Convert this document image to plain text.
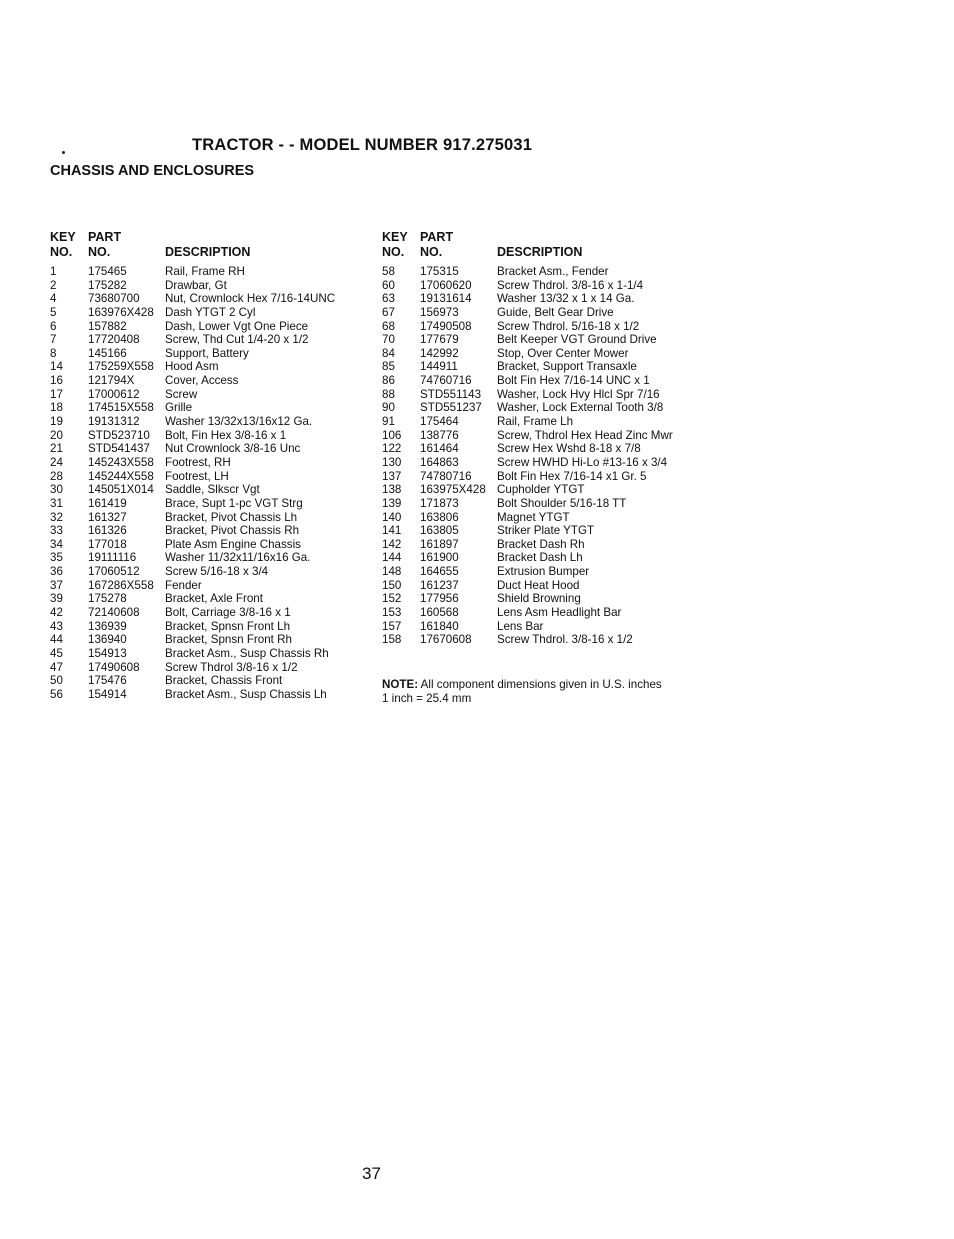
TRACTOR - - MODEL NUMBER 917.275031
CHASSIS AND ENCLOSURES
KEY
NO.
PART
NO.	DESCRIPTION
1	175465	Rail, Frame RH
2	175282	Drawbar, Gt
4	73680700 Nut, Crownlock Hex 7/16-14UNC
5	163976X428 Dash YTGT 2 Cyl
6	157882	Dash, Lower Vgt One Piece
7	17720408 Screw, Thd Cut 1/4-20 x 1/2
8	145166	Support, Battery
14 175259X558 Hood Asm
16 121794X	Cover, Access
17 17000612 Screw
18 174515X558 Grille
19 19131312 Washer 13/32x13/16x12 Ga.
20 STD523710 Bolt, Fin Hex 3/8-16 x 1
21 STD541437 Nut Crownlock 3/8-16 Unc
24 145243X558 Footrest, RH
28 145244X558 Footrest, LH
30 145051X014 Saddle, Slkscr Vgt
31 161419	Brace, Supt 1-pc VGT Strg
32 161327	Bracket, Pivot Chassis Lh
33 161326	Bracket, Pivot Chassis Rh
34 177018	Plate Asm Engine Chassis
35 19111116 Washer 11/32x11/16x16 Ga.
36 17060512 Screw 5/16-18 x 3/4
37 167286X558 Fender
39 175278	Bracket, Axle Front
42 72140608 Bolt, Carriage 3/8-16 x 1
43 136939	Bracket, Spnsn Front Lh
44 136940	Bracket, Spnsn Front Rh
45 154913	Bracket Asm., Susp Chassis Rh
47 17490608 Screw Thdrol 3/8-16 x 1/2
50 175476	Bracket, Chassis Front
56 154914	Bracket Asm., Susp Chassis Lh
KEY
NO.
PART
NO.	DESCRIPTION
58 175315	Bracket Asm., Fender
60 17060620 Screw Thdrol. 3/8-16 x 1-1/4
63 19131614 Washer 13/32 x 1 x 14 Ga.
67 156973	Guide, Belt Gear Drive
68 17490508 Screw Thdrol. 5/16-18 x 1/2
70 177679	Belt Keeper VGT Ground Drive
84 142992	Stop, Over Center Mower
85 144911	Bracket, Support Transaxle
86 74760716 Bolt Fin Hex 7/16-14 UNC x 1
88 STD551143 Washer, Lock Hvy Hlcl Spr 7/16
90 STD551237 Washer, Lock External Tooth 3/8
91 175464	Rail, Frame Lh
106 138776	Screw, Thdrol Hex Head Zinc Mwr
122 161464	Screw Hex Wshd 8-18 x 7/8
130 164863	Screw HWHD Hi-Lo #13-16 x 3/4
137 74780716 Bolt Fin Hex 7/16-14 x1 Gr. 5
138 163975X428 Cupholder YTGT
139 171873	Bolt Shoulder 5/16-18 TT
140 163806	Magnet YTGT
141 163805	Striker Plate YTGT
142 161897	Bracket Dash Rh
144 161900	Bracket Dash Lh
148 164655	Extrusion Bumper
150 161237	Duct Heat Hood
152 177956	Shield Browning
153 160568	Lens Asm Headlight Bar
157 161840	Lens Bar
158 17670608 Screw Thdrol. 3/8-16 x 1/2
NOTE: All component dimensions given in U.S. inches
1 inch = 25.4 mm
37
